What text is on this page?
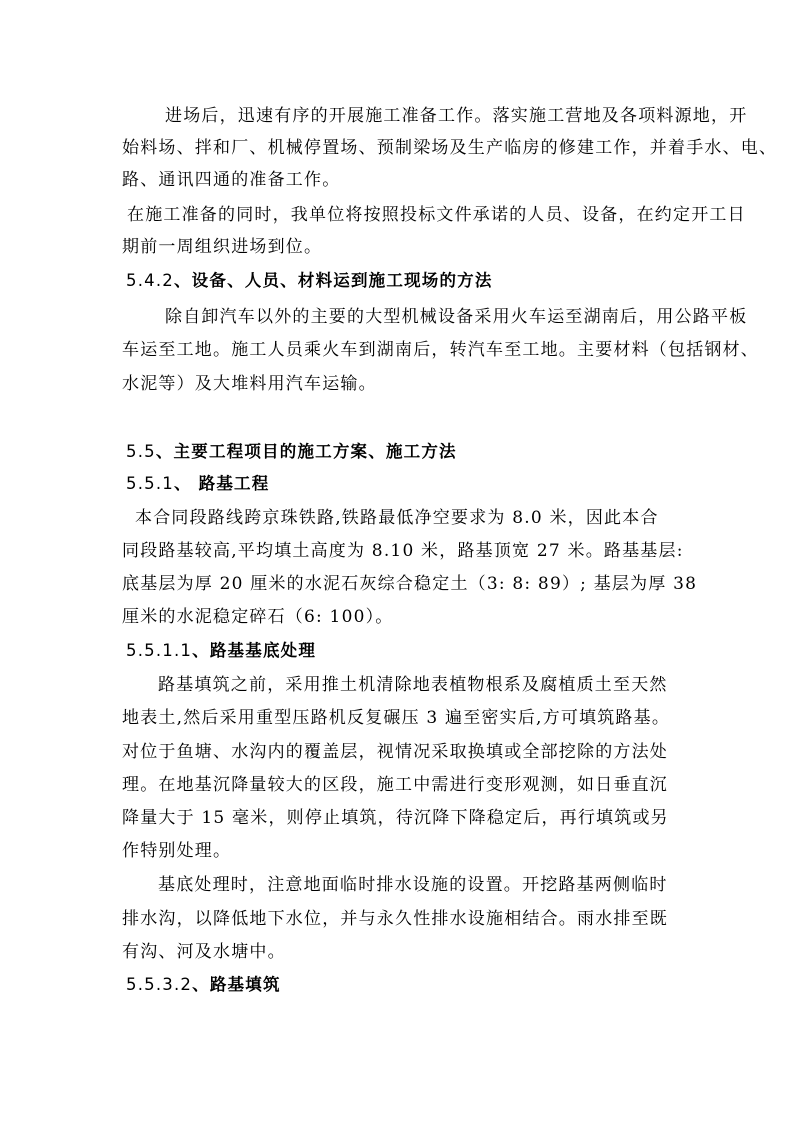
进场后，迅速有序的开展施工准备工作。落实施工营地及各项料源地，开
始料场、拌和厂、机械停置场、预制梁场及生产临房的修建工作，并着手水、电、
路、通讯四通的准备工作。
在施工准备的同时，我单位将按照投标文件承诺的人员、设备，在约定开工日
期前一周组织进场到位。
5.4.2、设备、人员、材料运到施工现场的方法
除自卸汽车以外的主要的大型机械设备采用火车运至湖南后，用公路平板
车运至工地。施工人员乘火车到湖南后，转汽车至工地。主要材料（包括钢材、
水泥等）及大堆料用汽车运输。
5.5、主要工程项目的施工方案、施工方法
5.5.1、 路基工程
本合同段路线跨京珠铁路,铁路最低净空要求为 8.0 米，因此本合
同段路基较高,平均填土高度为 8.10 米，路基顶宽 27 米。路基基层:
底基层为厚 20 厘米的水泥石灰综合稳定土（3: 8: 89）; 基层为厚 38
厘米的水泥稳定碎石（6: 100）。
5.5.1.1、路基基底处理
路基填筑之前，采用推土机清除地表植物根系及腐植质土至天然
地表土,然后采用重型压路机反复碾压 3 遍至密实后,方可填筑路基。
对位于鱼塘、水沟内的覆盖层，视情况采取换填或全部挖除的方法处
理。在地基沉降量较大的区段，施工中需进行变形观测，如日垂直沉
降量大于 15 毫米，则停止填筑，待沉降下降稳定后，再行填筑或另
作特别处理。
基底处理时，注意地面临时排水设施的设置。开挖路基两侧临时
排水沟，以降低地下水位，并与永久性排水设施相结合。雨水排至既
有沟、河及水塘中。
5.5.3.2、路基填筑
